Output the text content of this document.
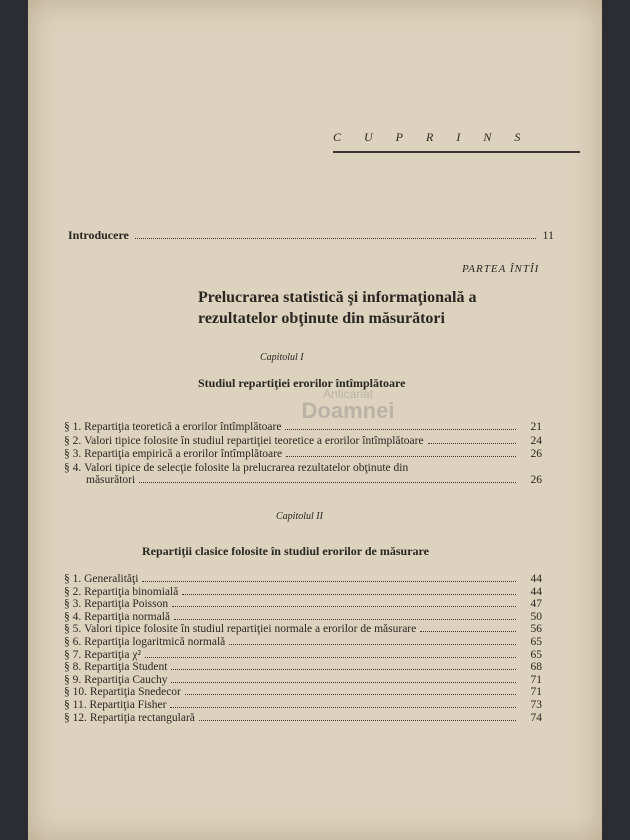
Anticariat
Doamnei
CUPRINS
Introducere	11
PARTEA ÎNTÎI
Prelucrarea statistică şi informaţională a rezultatelor obţinute din măsurători
Capitolul I
Studiul repartiţiei erorilor întîmplătoare
§ 1.
Repartiţia teoretică a erorilor întîmplătoare	21
§ 2.
Valori tipice folosite în studiul repartiţiei teoretice a erorilor întîmplătoare	24
§ 3.
Repartiţia empirică a erorilor întîmplătoare	26
§ 4.
Valori tipice de selecţie folosite la prelucrarea rezultatelor obţinute din
măsurători	26
Capitolul II
Repartiţii clasice folosite în studiul erorilor de măsurare
§ 1.
Generalităţi	44
§ 2.
Repartiţia binomială	44
§ 3.
Repartiţia Poisson	47
§ 4.
Repartiţia normală	50
§ 5.
Valori tipice folosite în studiul repartiţiei normale a erorilor de măsurare	56
§ 6.
Repartiţia logaritmică normală	65
§ 7.
Repartiţia χ²	65
§ 8.
Repartiţia Student	68
§ 9.
Repartiţia Cauchy	71
§ 10.
Repartiţia Snedecor	71
§ 11.
Repartiţia Fisher	73
§ 12.
Repartiţia rectangulară	74
